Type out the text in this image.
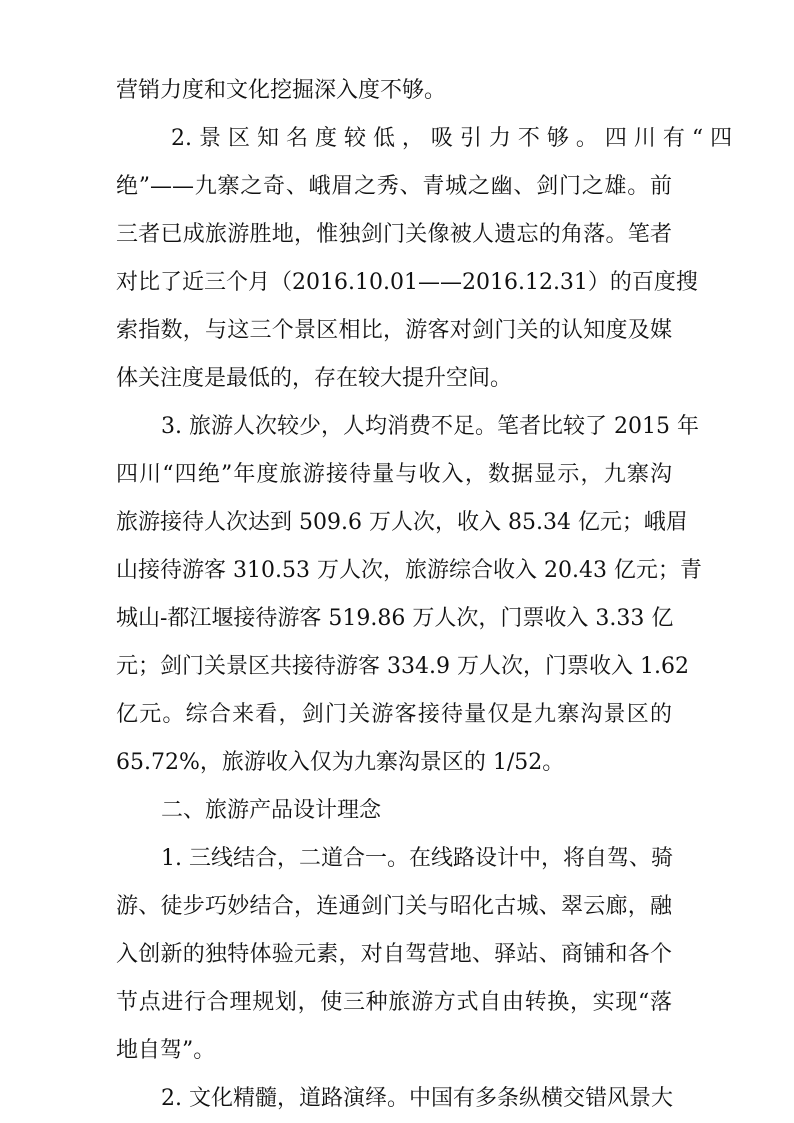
营销力度和文化挖掘深入度不够。
2. 景 区 知 名 度 较 低 ， 吸 引 力 不 够 。 四 川 有 “ 四
绝”——九寨之奇、峨眉之秀、青城之幽、剑门之雄。前
三者已成旅游胜地，惟独剑门关像被人遗忘的角落。笔者
对比了近三个月（2016.10.01——2016.12.31）的百度搜
索指数，与这三个景区相比，游客对剑门关的认知度及媒
体关注度是最低的，存在较大提升空间。
3. 旅游人次较少，人均消费不足。笔者比较了 2015 年
四川“四绝”年度旅游接待量与收入，数据显示，九寨沟
旅游接待人次达到 509.6 万人次，收入 85.34 亿元；峨眉
山接待游客 310.53 万人次，旅游综合收入 20.43 亿元；青
城山-都江堰接待游客 519.86 万人次，门票收入 3.33 亿
元；剑门关景区共接待游客 334.9 万人次，门票收入 1.62
亿元。综合来看，剑门关游客接待量仅是九寨沟景区的
65.72%，旅游收入仅为九寨沟景区的 1/52。
二、旅游产品设计理念
1. 三线结合，二道合一。在线路设计中，将自驾、骑
游、徒步巧妙结合，连通剑门关与昭化古城、翠云廊，融
入创新的独特体验元素，对自驾营地、驿站、商铺和各个
节点进行合理规划，使三种旅游方式自由转换，实现“落
地自驾”。
2. 文化精髓，道路演绎。中国有多条纵横交错风景大
